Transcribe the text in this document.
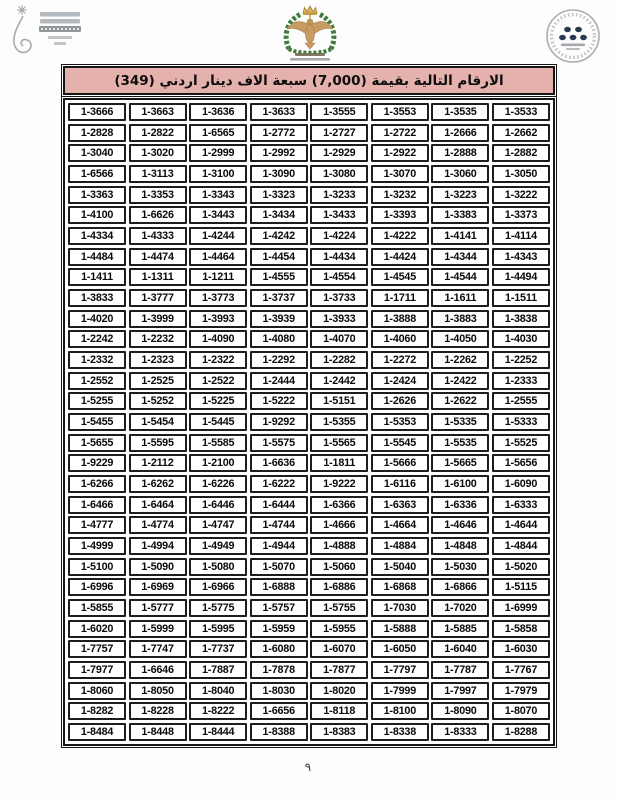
الارقام التالية بقيمة (7,000) سبعة الاف دينار اردني (349)
1-3666	1-3663	1-3636	1-3633	1-3555	1-3553	1-3535	1-3533
1-2828	1-2822	1-6565	1-2772	1-2727	1-2722	1-2666	1-2662
1-3040	1-3020	1-2999	1-2992	1-2929	1-2922	1-2888	1-2882
1-6566	1-3113	1-3100	1-3090	1-3080	1-3070	1-3060	1-3050
1-3363	1-3353	1-3343	1-3323	1-3233	1-3232	1-3223	1-3222
1-4100	1-6626	1-3443	1-3434	1-3433	1-3393	1-3383	1-3373
1-4334	1-4333	1-4244	1-4242	1-4224	1-4222	1-4141	1-4114
1-4484	1-4474	1-4464	1-4454	1-4434	1-4424	1-4344	1-4343
1-1411	1-1311	1-1211	1-4555	1-4554	1-4545	1-4544	1-4494
1-3833	1-3777	1-3773	1-3737	1-3733	1-1711	1-1611	1-1511
1-4020	1-3999	1-3993	1-3939	1-3933	1-3888	1-3883	1-3838
1-2242	1-2232	1-4090	1-4080	1-4070	1-4060	1-4050	1-4030
1-2332	1-2323	1-2322	1-2292	1-2282	1-2272	1-2262	1-2252
1-2552	1-2525	1-2522	1-2444	1-2442	1-2424	1-2422	1-2333
1-5255	1-5252	1-5225	1-5222	1-5151	1-2626	1-2622	1-2555
1-5455	1-5454	1-5445	1-9292	1-5355	1-5353	1-5335	1-5333
1-5655	1-5595	1-5585	1-5575	1-5565	1-5545	1-5535	1-5525
1-9229	1-2112	1-2100	1-6636	1-1811	1-5666	1-5665	1-5656
1-6266	1-6262	1-6226	1-6222	1-9222	1-6116	1-6100	1-6090
1-6466	1-6464	1-6446	1-6444	1-6366	1-6363	1-6336	1-6333
1-4777	1-4774	1-4747	1-4744	1-4666	1-4664	1-4646	1-4644
1-4999	1-4994	1-4949	1-4944	1-4888	1-4884	1-4848	1-4844
1-5100	1-5090	1-5080	1-5070	1-5060	1-5040	1-5030	1-5020
1-6996	1-6969	1-6966	1-6888	1-6886	1-6868	1-6866	1-5115
1-5855	1-5777	1-5775	1-5757	1-5755	1-7030	1-7020	1-6999
1-6020	1-5999	1-5995	1-5959	1-5955	1-5888	1-5885	1-5858
1-7757	1-7747	1-7737	1-6080	1-6070	1-6050	1-6040	1-6030
1-7977	1-6646	1-7887	1-7878	1-7877	1-7797	1-7787	1-7767
1-8060	1-8050	1-8040	1-8030	1-8020	1-7999	1-7997	1-7979
1-8282	1-8228	1-8222	1-6656	1-8118	1-8100	1-8090	1-8070
1-8484	1-8448	1-8444	1-8388	1-8383	1-8338	1-8333	1-8288
٩
